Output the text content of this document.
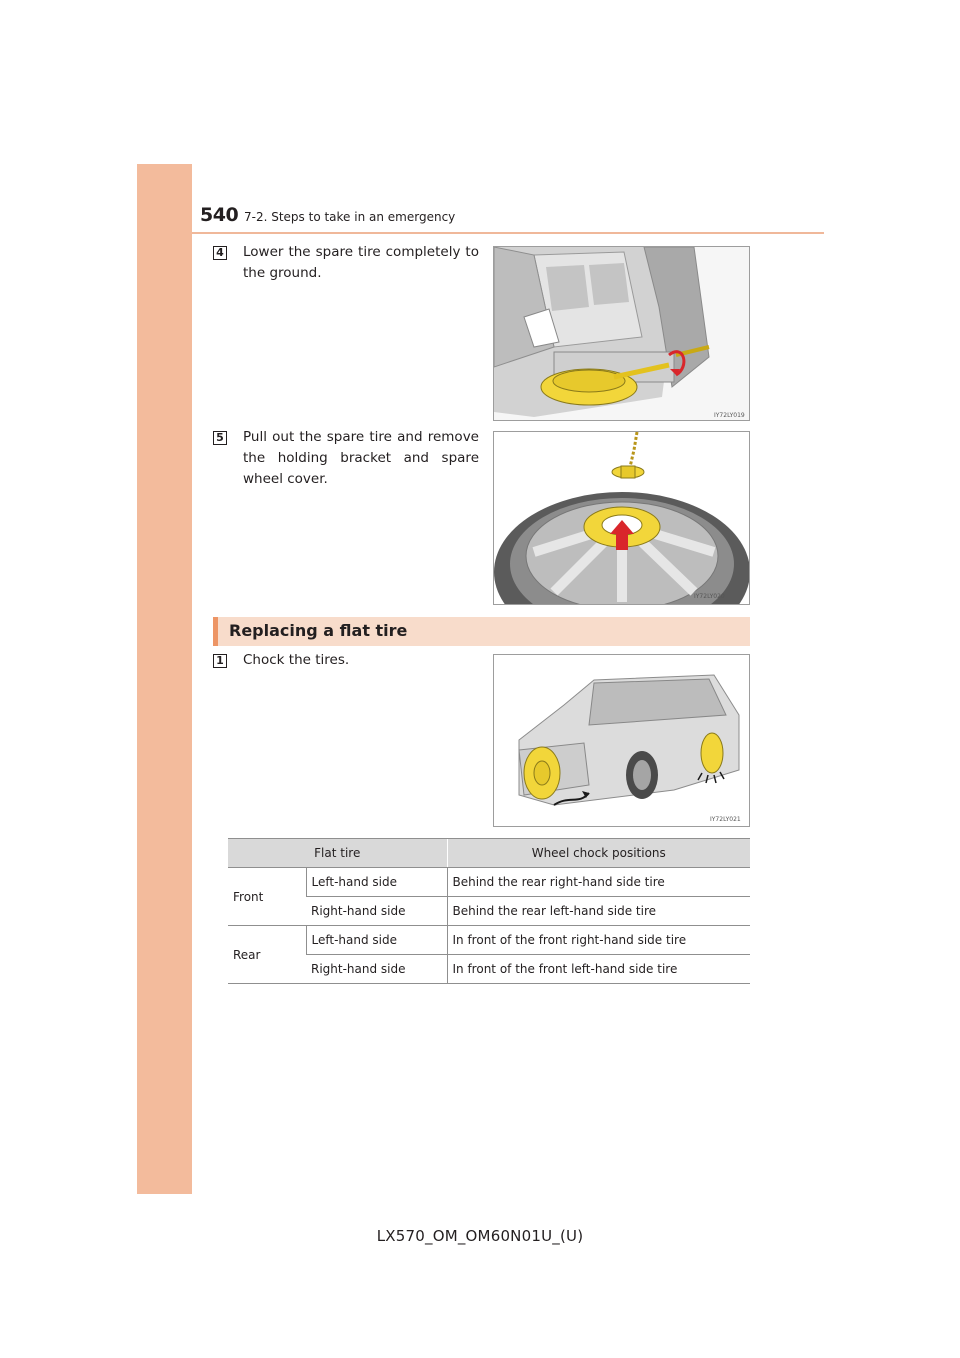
540 7-2. Steps to take in an emergency
4 Lower the spare tire completely to the ground.

IY72LY019
5 Pull out the spare tire and remove the holding bracket and spare wheel cover.

IY72LY020
Replacing a flat tire
1 Chock the tires.

IY72LY021
Flat tire		Wheel chock positions
Front	Left-hand side	Behind the rear right-hand side tire
	Right-hand side	Behind the rear left-hand side tire
Rear	Left-hand side	In front of the front right-hand side tire
	Right-hand side	In front of the front left-hand side tire
LX570_OM_OM60N01U_(U)
